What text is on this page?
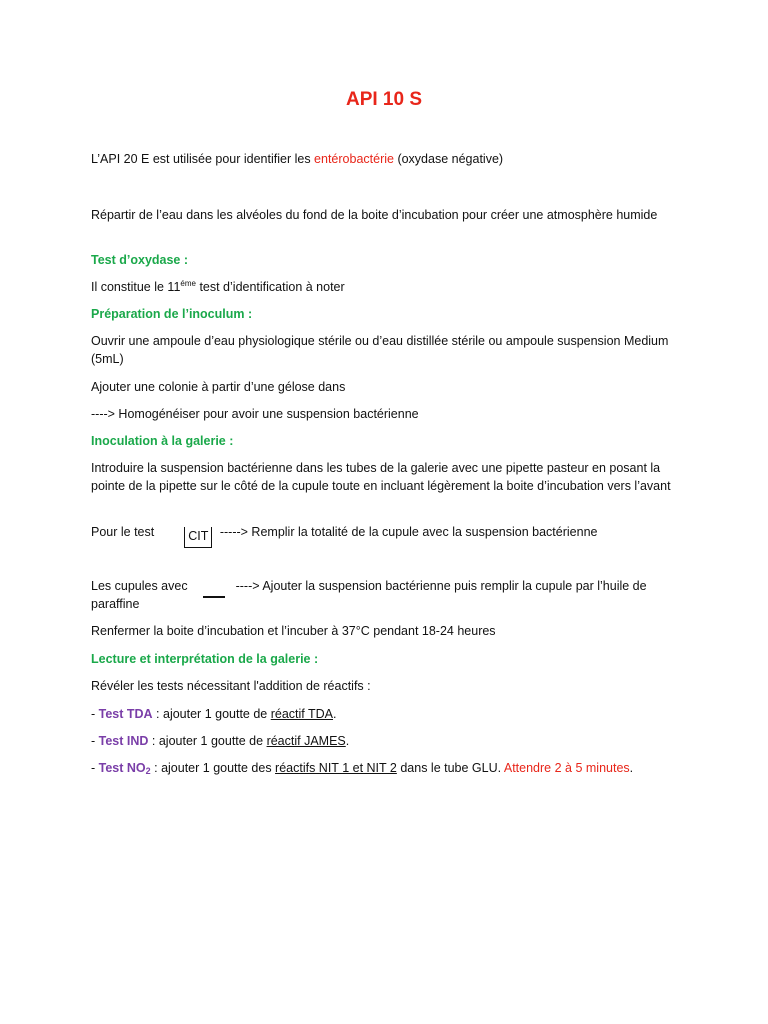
API 10 S
L’API 20 E est utilisée pour identifier les entérobactérie (oxydase négative)
Répartir de l’eau dans les alvéoles du fond de la boite d’incubation pour créer une atmosphère humide
Test d’oxydase :
Il constitue le $11^{éme}$ test d’identification à noter
Préparation de l’inoculum :
Ouvrir une ampoule d’eau physiologique stérile ou d’eau distillée stérile ou ampoule suspension Medium (5mL)
Ajouter une colonie à partir d’une gélose dans
----> Homogénéiser pour avoir une suspension bactérienne
Inoculation à la galerie :
Introduire la suspension bactérienne dans les tubes de la galerie avec une pipette pasteur en posant la pointe de la pipette sur le côté de la cupule toute en incluant légèrement la boite d’incubation vers l’avant
Pour le test	CIT -----> Remplir la totalité de la cupule avec la suspension bactérienne
Les cupules avec	----> Ajouter la suspension bactérienne puis remplir la cupule par l’huile de paraffine
Renfermer la boite d’incubation et l’incuber à 37°C pendant 18-24 heures
Lecture et interprétation de la galerie :
Révéler les tests nécessitant l'addition de réactifs :
- Test TDA : ajouter 1 goutte de réactif TDA.
- Test IND : ajouter 1 goutte de réactif JAMES.
- Test $NO_2$ : ajouter 1 goutte des réactifs NIT 1 et NIT 2 dans le tube GLU. Attendre 2 à 5 minutes.
